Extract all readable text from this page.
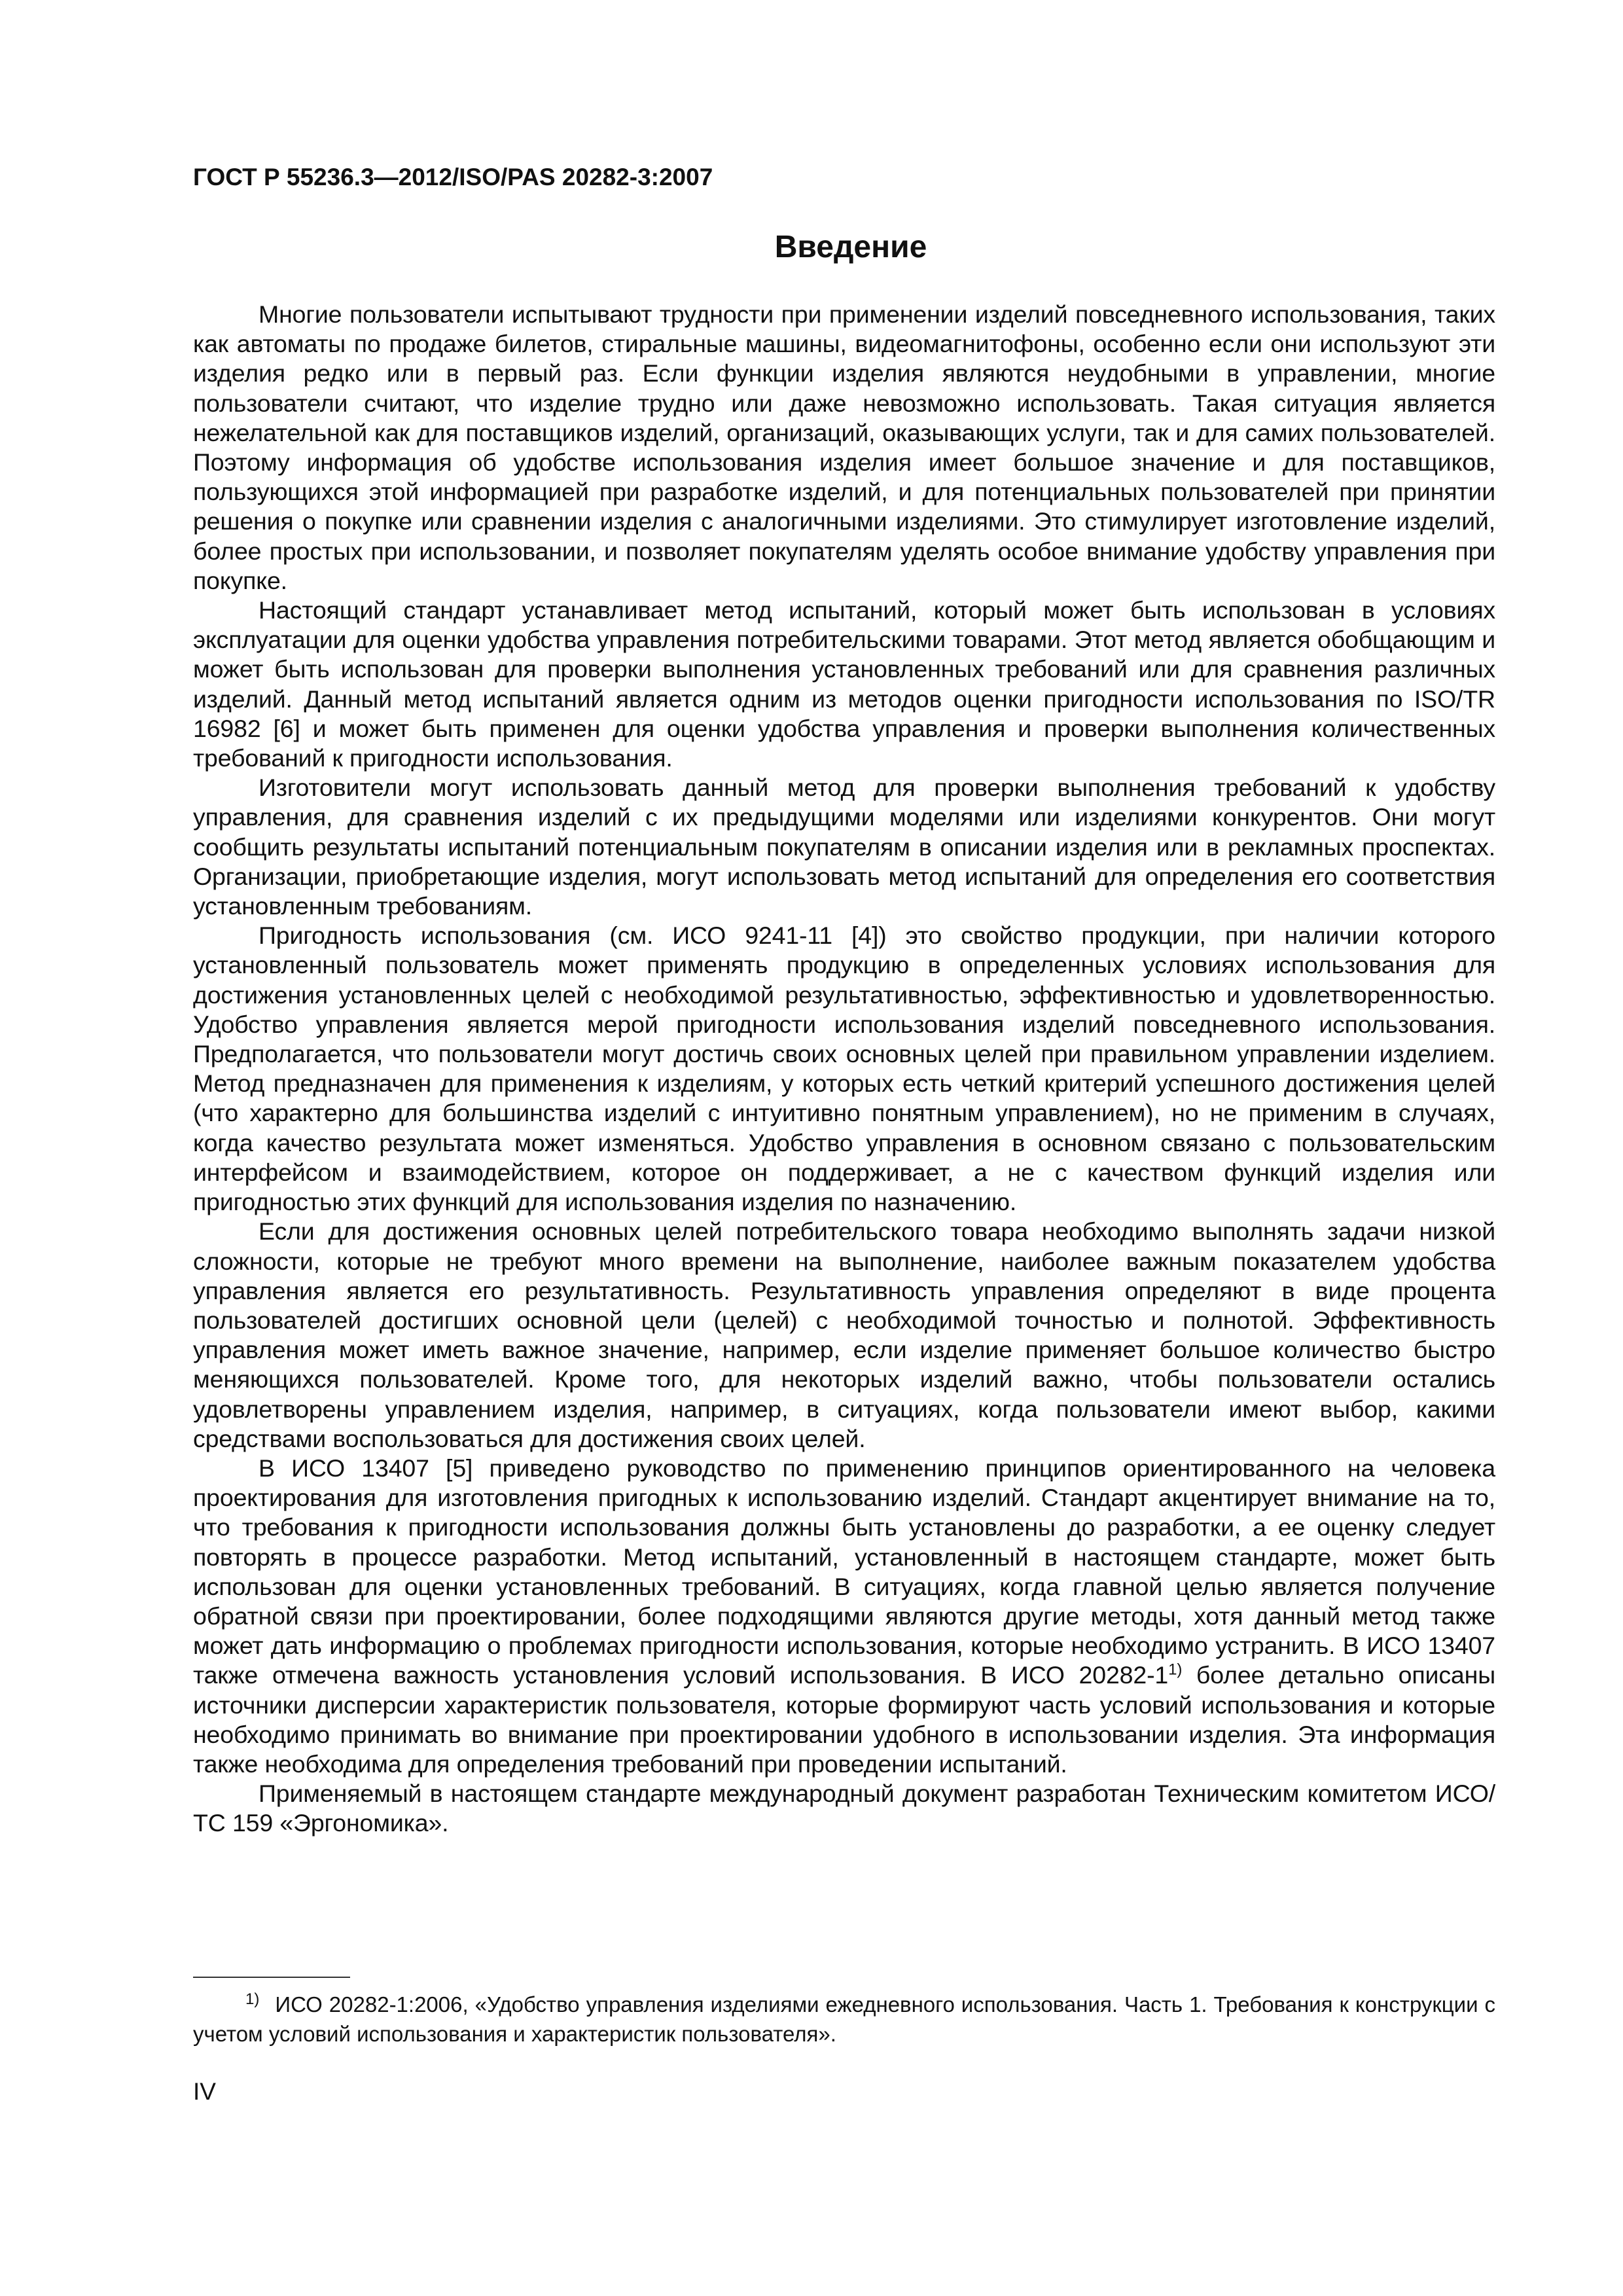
ГОСТ Р 55236.3—2012/ISO/PAS 20282-3:2007
Введение

Многие пользователи испытывают трудности при применении изделий повседневного использования, таких как автоматы по продаже билетов, стиральные машины, видеомагнитофоны, особенно если они используют эти изделия редко или в первый раз. Если функции изделия являются неудобными в управлении, многие пользователи считают, что изделие трудно или даже невозможно использовать. Такая ситуация является нежелательной как для поставщиков изделий, организаций, оказывающих услуги, так и для самих пользователей. Поэтому информация об удобстве использования изделия имеет большое значение и для поставщиков, пользующихся этой информацией при разработке изделий, и для потенциальных пользователей при принятии решения о покупке или сравнении изделия с аналогичными изделиями. Это стимулирует изготовление изделий, более простых при использовании, и позволяет покупателям уделять особое внимание удобству управления при покупке.

Настоящий стандарт устанавливает метод испытаний, который может быть использован в условиях эксплуатации для оценки удобства управления потребительскими товарами. Этот метод является обобщающим и может быть использован для проверки выполнения установленных требований или для сравнения различных изделий. Данный метод испытаний является одним из методов оценки пригодности использования по ISO/TR 16982 [6] и может быть применен для оценки удобства управления и проверки выполнения количественных требований к пригодности использования.

Изготовители могут использовать данный метод для проверки выполнения требований к удобству управления, для сравнения изделий с их предыдущими моделями или изделиями конкурентов. Они могут сообщить результаты испытаний потенциальным покупателям в описании изделия или в рекламных проспектах. Организации, приобретающие изделия, могут использовать метод испытаний для определения его соответствия установленным требованиям.

Пригодность использования (см. ИСО 9241-11 [4]) это свойство продукции, при наличии которого установленный пользователь может применять продукцию в определенных условиях использования для достижения установленных целей с необходимой результативностью, эффективностью и удовлетворенностью. Удобство управления является мерой пригодности использования изделий повседневного использования. Предполагается, что пользователи могут достичь своих основных целей при правильном управлении изделием. Метод предназначен для применения к изделиям, у которых есть четкий критерий успешного достижения целей (что характерно для большинства изделий с интуитивно понятным управлением), но не применим в случаях, когда качество результата может изменяться. Удобство управления в основном связано с пользовательским интерфейсом и взаимодействием, которое он поддерживает, а не с качеством функций изделия или пригодностью этих функций для использования изделия по назначению.

Если для достижения основных целей потребительского товара необходимо выполнять задачи низкой сложности, которые не требуют много времени на выполнение, наиболее важным показателем удобства управления является его результативность. Результативность управления определяют в виде процента пользователей достигших основной цели (целей) с необходимой точностью и полнотой. Эффективность управления может иметь важное значение, например, если изделие применяет большое количество быстро меняющихся пользователей. Кроме того, для некоторых изделий важно, чтобы пользователи остались удовлетворены управлением изделия, например, в ситуациях, когда пользователи имеют выбор, какими средствами воспользоваться для достижения своих целей.

В ИСО 13407 [5] приведено руководство по применению принципов ориентированного на человека проектирования для изготовления пригодных к использованию изделий. Стандарт акцентирует внимание на то, что требования к пригодности использования должны быть установлены до разработки, а ее оценку следует повторять в процессе разработки. Метод испытаний, установленный в настоящем стандарте, может быть использован для оценки установленных требований. В ситуациях, когда главной целью является получение обратной связи при проектировании, более подходящими являются другие методы, хотя данный метод также может дать информацию о проблемах пригодности использования, которые необходимо устранить. В ИСО 13407 также отмечена важность установления условий использования. В ИСО 20282-1$^{1)}$ более детально описаны источники дисперсии характеристик пользователя, которые формируют часть условий использования и которые необходимо принимать во внимание при проектировании удобного в использовании изделия. Эта информация также необходима для определения требований при проведении испытаний.

Применяемый в настоящем стандарте международный документ разработан Техническим комитетом ИСО/ТС 159 «Эргономика».

$^{1)}$ ИСО 20282-1:2006, «Удобство управления изделиями ежедневного использования. Часть 1. Требования к конструкции с учетом условий использования и характеристик пользователя».
IV
